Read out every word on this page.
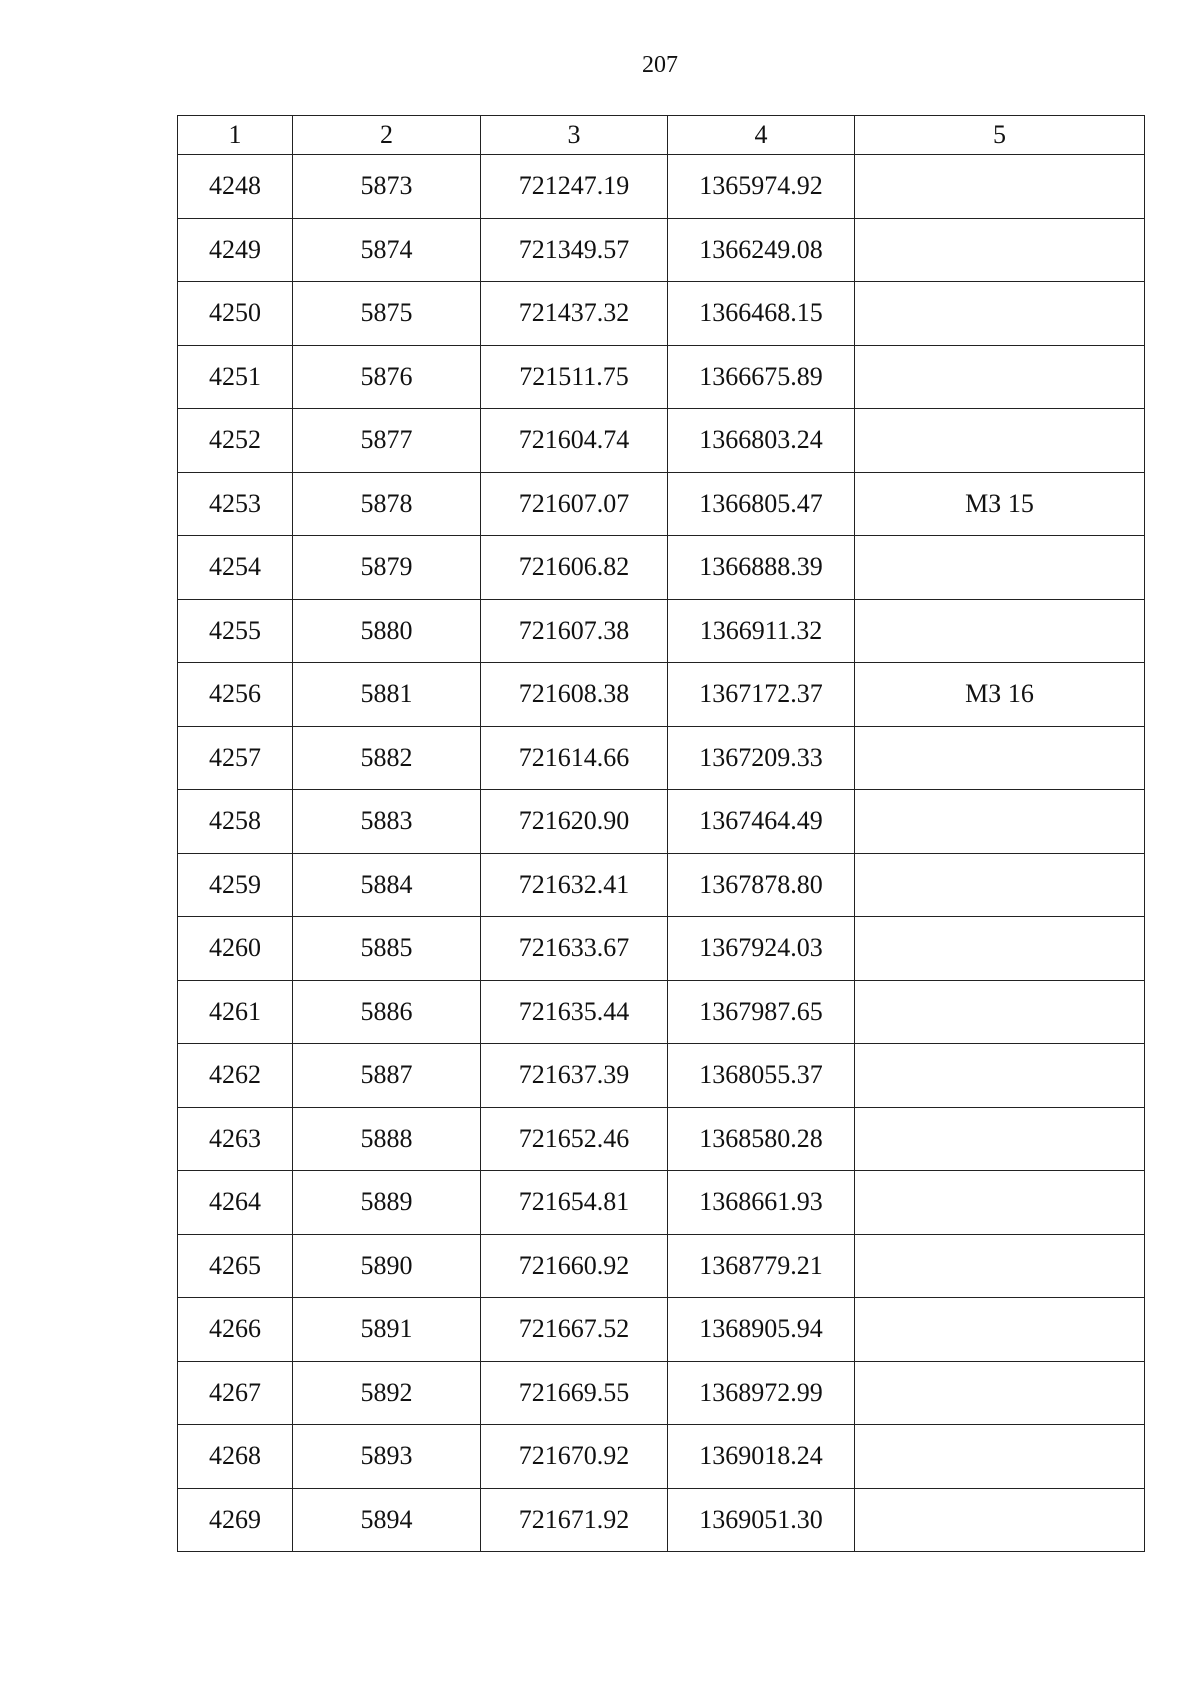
207
1	2	3	4	5
4248	5873	721247.19	1365974.92	
4249	5874	721349.57	1366249.08	
4250	5875	721437.32	1366468.15	
4251	5876	721511.75	1366675.89	
4252	5877	721604.74	1366803.24	
4253	5878	721607.07	1366805.47	МЗ 15
4254	5879	721606.82	1366888.39	
4255	5880	721607.38	1366911.32	
4256	5881	721608.38	1367172.37	МЗ 16
4257	5882	721614.66	1367209.33	
4258	5883	721620.90	1367464.49	
4259	5884	721632.41	1367878.80	
4260	5885	721633.67	1367924.03	
4261	5886	721635.44	1367987.65	
4262	5887	721637.39	1368055.37	
4263	5888	721652.46	1368580.28	
4264	5889	721654.81	1368661.93	
4265	5890	721660.92	1368779.21	
4266	5891	721667.52	1368905.94	
4267	5892	721669.55	1368972.99	
4268	5893	721670.92	1369018.24	
4269	5894	721671.92	1369051.30	
